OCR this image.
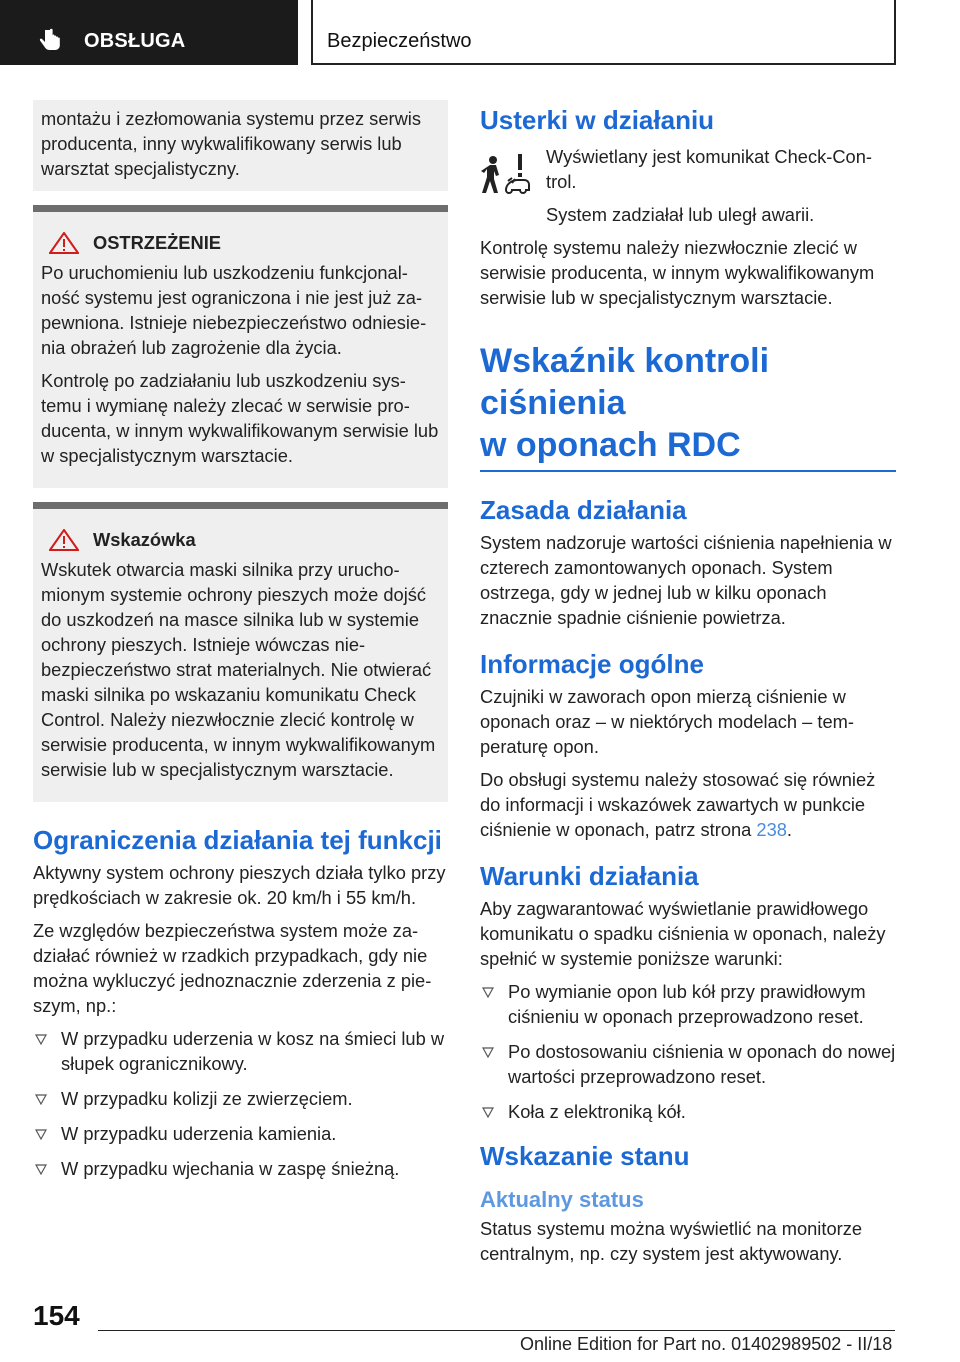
OBSŁUGA	Bezpieczeństwo

montażu i zezłomowania systemu przez serwis producenta, inny wykwalifikowany serwis lub warsztat specjalistyczny.

OSTRZEŻENIE

Po uruchomieniu lub uszkodzeniu funkcjonalność systemu jest ograniczona i nie jest już zapewniona. Istnieje niebezpieczeństwo odniesienia obrażeń lub zagrożenie dla życia.

Kontrolę po zadziałaniu lub uszkodzeniu systemu i wymianę należy zlecać w serwisie producenta, w innym wykwalifikowanym serwisie lub w specjalistycznym warsztacie.

Wskazówka

Wskutek otwarcia maski silnika przy uruchomionym systemie ochrony pieszych może dojść do uszkodzeń na masce silnika lub w systemie ochrony pieszych. Istnieje wówczas niebezpieczeństwo strat materialnych. Nie otwierać maski silnika po wskazaniu komunikatu Check Control. Należy niezwłocznie zlecić kontrolę w serwisie producenta, w innym wykwalifikowanym serwisie lub w specjalistycznym warsztacie.

Ograniczenia działania tej funkcji

Aktywny system ochrony pieszych działa tylko przy prędkościach w zakresie ok. 20 km/h i 55 km/h.

Ze względów bezpieczeństwa system może zadziałać również w rzadkich przypadkach, gdy nie można wykluczyć jednoznacznie zderzenia z pieszym, np.:

W przypadku uderzenia w kosz na śmieci lub w słupek ogranicznikowy.
W przypadku kolizji ze zwierzęciem.
W przypadku uderzenia kamienia.
W przypadku wjechania w zaspę śnieżną.
Usterki w działaniu

Wyświetlany jest komunikat Check-Control.

System zadziałał lub uległ awarii.

Kontrolę systemu należy niezwłocznie zlecić w serwisie producenta, w innym wykwalifikowanym serwisie lub w specjalistycznym warsztacie.

Wskaźnik kontroli ciśnienia
w oponach RDC
Zasada działania

System nadzoruje wartości ciśnienia napełnienia w czterech zamontowanych oponach. System ostrzega, gdy w jednej lub w kilku oponach znacznie spadnie ciśnienie powietrza.

Informacje ogólne

Czujniki w zaworach opon mierzą ciśnienie w oponach oraz – w niektórych modelach – temperaturę opon.

Do obsługi systemu należy stosować się również do informacji i wskazówek zawartych w punkcie ciśnienie w oponach, patrz strona 238.

Warunki działania

Aby zagwarantować wyświetlanie prawidłowego komunikatu o spadku ciśnienia w oponach, należy spełnić w systemie poniższe warunki:

Po wymianie opon lub kół przy prawidłowym ciśnieniu w oponach przeprowadzono reset.
Po dostosowaniu ciśnienia w oponach do nowej wartości przeprowadzono reset.
Koła z elektroniką kół.
Wskazanie stanu
Aktualny status

Status systemu można wyświetlić na monitorze centralnym, np. czy system jest aktywowany.

154
Online Edition for Part no. 01402989502 - II/18
